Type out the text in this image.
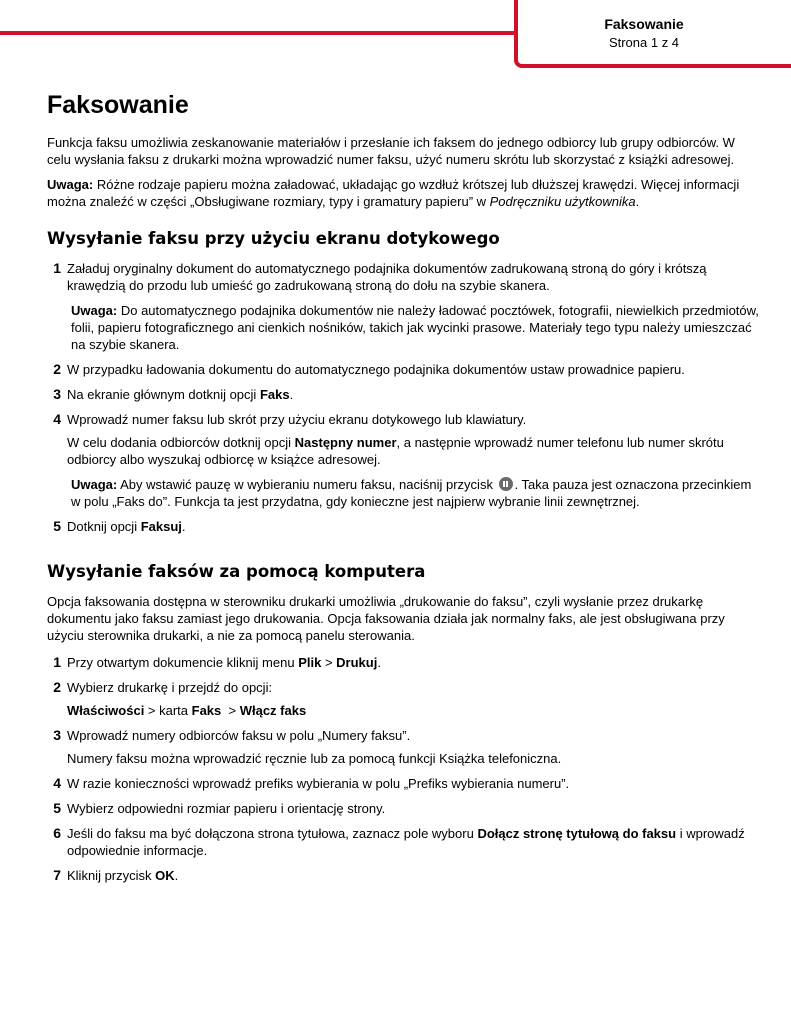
Faksowanie
Strona 1 z 4
Faksowanie

Funkcja faksu umożliwia zeskanowanie materiałów i przesłanie ich faksem do jednego odbiorcy lub grupy odbiorców. W celu wysłania faksu z drukarki można wprowadzić numer faksu, użyć numeru skrótu lub skorzystać z książki adresowej.

Uwaga: Różne rodzaje papieru można załadować, układając go wzdłuż krótszej lub dłuższej krawędzi. Więcej informacji można znaleźć w części „Obsługiwane rozmiary, typy i gramatury papieru” w Podręczniku użytkownika.

Wysyłanie faksu przy użyciu ekranu dotykowego
1 Załaduj oryginalny dokument do automatycznego podajnika dokumentów zadrukowaną stroną do góry i krótszą krawędzią do przodu lub umieść go zadrukowaną stroną do dołu na szybie skanera.

Uwaga: Do automatycznego podajnika dokumentów nie należy ładować pocztówek, fotografii, niewielkich przedmiotów, folii, papieru fotograficznego ani cienkich nośników, takich jak wycinki prasowe. Materiały tego typu należy umieszczać na szybie skanera.

2 W przypadku ładowania dokumentu do automatycznego podajnika dokumentów ustaw prowadnice papieru.

3 Na ekranie głównym dotknij opcji Faks.

4 Wprowadź numer faksu lub skrót przy użyciu ekranu dotykowego lub klawiatury.

W celu dodania odbiorców dotknij opcji Następny numer, a następnie wprowadź numer telefonu lub numer skrótu odbiorcy albo wyszukaj odbiorcę w książce adresowej.

Uwaga: Aby wstawić pauzę w wybieraniu numeru faksu, naciśnij przycisk . Taka pauza jest oznaczona przecinkiem w polu „Faks do”. Funkcja ta jest przydatna, gdy konieczne jest najpierw wybranie linii zewnętrznej.

5 Dotknij opcji Faksuj.

Wysyłanie faksów za pomocą komputera

Opcja faksowania dostępna w sterowniku drukarki umożliwia „drukowanie do faksu”, czyli wysłanie przez drukarkę dokumentu jako faksu zamiast jego drukowania. Opcja faksowania działa jak normalny faks, ale jest obsługiwana przy użyciu sterownika drukarki, a nie za pomocą panelu sterowania.

1 Przy otwartym dokumencie kliknij menu Plik > Drukuj.

2 Wybierz drukarkę i przejdź do opcji:

Właściwości > karta Faks  > Włącz faks

3 Wprowadź numery odbiorców faksu w polu „Numery faksu”.

Numery faksu można wprowadzić ręcznie lub za pomocą funkcji Książka telefoniczna.

4 W razie konieczności wprowadź prefiks wybierania w polu „Prefiks wybierania numeru”.

5 Wybierz odpowiedni rozmiar papieru i orientację strony.

6 Jeśli do faksu ma być dołączona strona tytułowa, zaznacz pole wyboru Dołącz stronę tytułową do faksu i wprowadź odpowiednie informacje.

7 Kliknij przycisk OK.
